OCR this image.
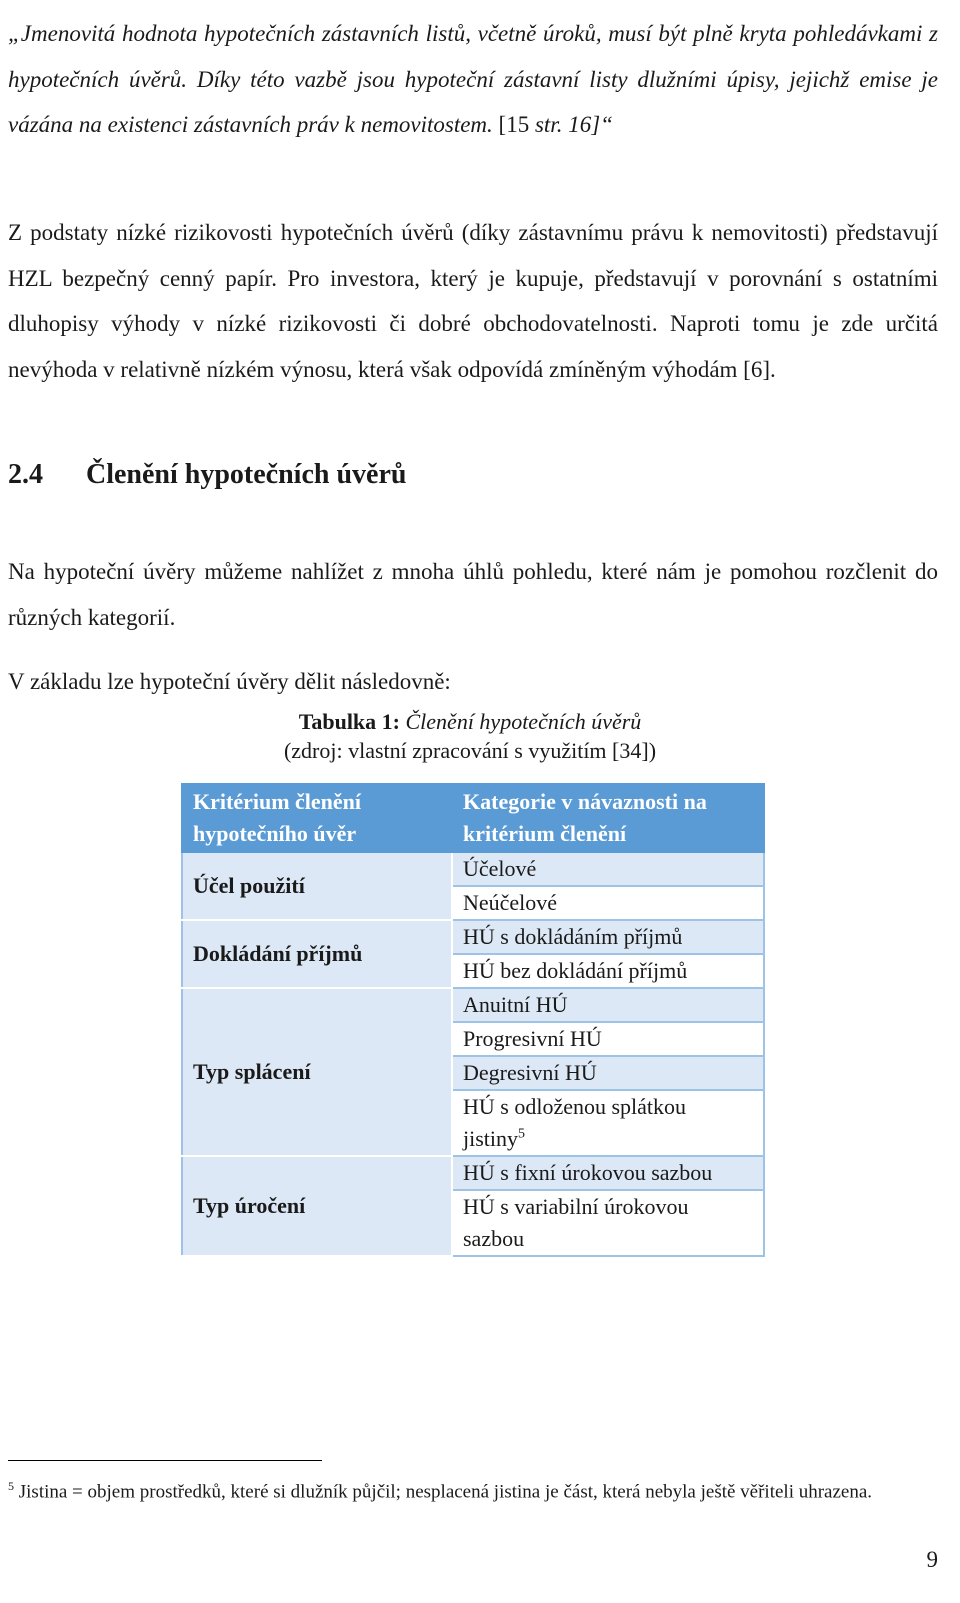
„Jmenovitá hodnota hypotečních zástavních listů, včetně úroků, musí být plně kryta pohledávkami z hypotečních úvěrů. Díky této vazbě jsou hypoteční zástavní listy dlužními úpisy, jejichž emise je vázána na existenci zástavních práv k nemovitostem. [15 str. 16]“

Z podstaty nízké rizikovosti hypotečních úvěrů (díky zástavnímu právu k nemovitosti) představují HZL bezpečný cenný papír. Pro investora, který je kupuje, představují v porovnání s ostatními dluhopisy výhody v nízké rizikovosti či dobré obchodovatelnosti. Naproti tomu je zde určitá nevýhoda v relativně nízkém výnosu, která však odpovídá zmíněným výhodám [6].

2.4 Členění hypotečních úvěrů

Na hypoteční úvěry můžeme nahlížet z mnoha úhlů pohledu, které nám je pomohou rozčlenit do různých kategorií.

V základu lze hypoteční úvěry dělit následovně:

Tabulka 1: Členění hypotečních úvěrů
(zdroj: vlastní zpracování s využitím [34])
Kritérium členění hypotečního úvěr	Kategorie v návaznosti na kritérium členění
Účel použití	Účelové
	Neúčelové
Dokládání příjmů	HÚ s dokládáním příjmů
	HÚ bez dokládání příjmů
Typ splácení	Anuitní HÚ
	Progresivní HÚ
	Degresivní HÚ
	HÚ s odloženou splátkou jistiny$^5$
Typ úročení	HÚ s fixní úrokovou sazbou
	HÚ s variabilní úrokovou sazbou
$^5$ Jistina = objem prostředků, které si dlužník půjčil; nesplacená jistina je část, která nebyla ještě věřiteli uhrazena.
9
